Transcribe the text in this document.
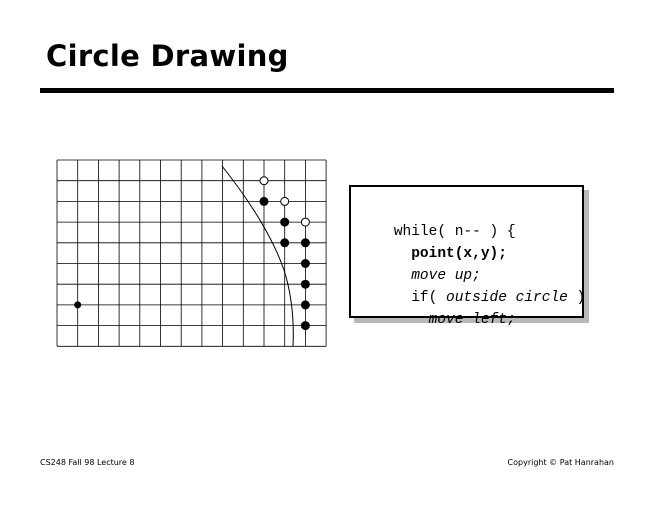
Circle Drawing

while( n-- ) {

point(x,y);

move up;

if( outside circle )

move left;

CS248 Fall 98 Lecture 8	Copyright © Pat Hanrahan
